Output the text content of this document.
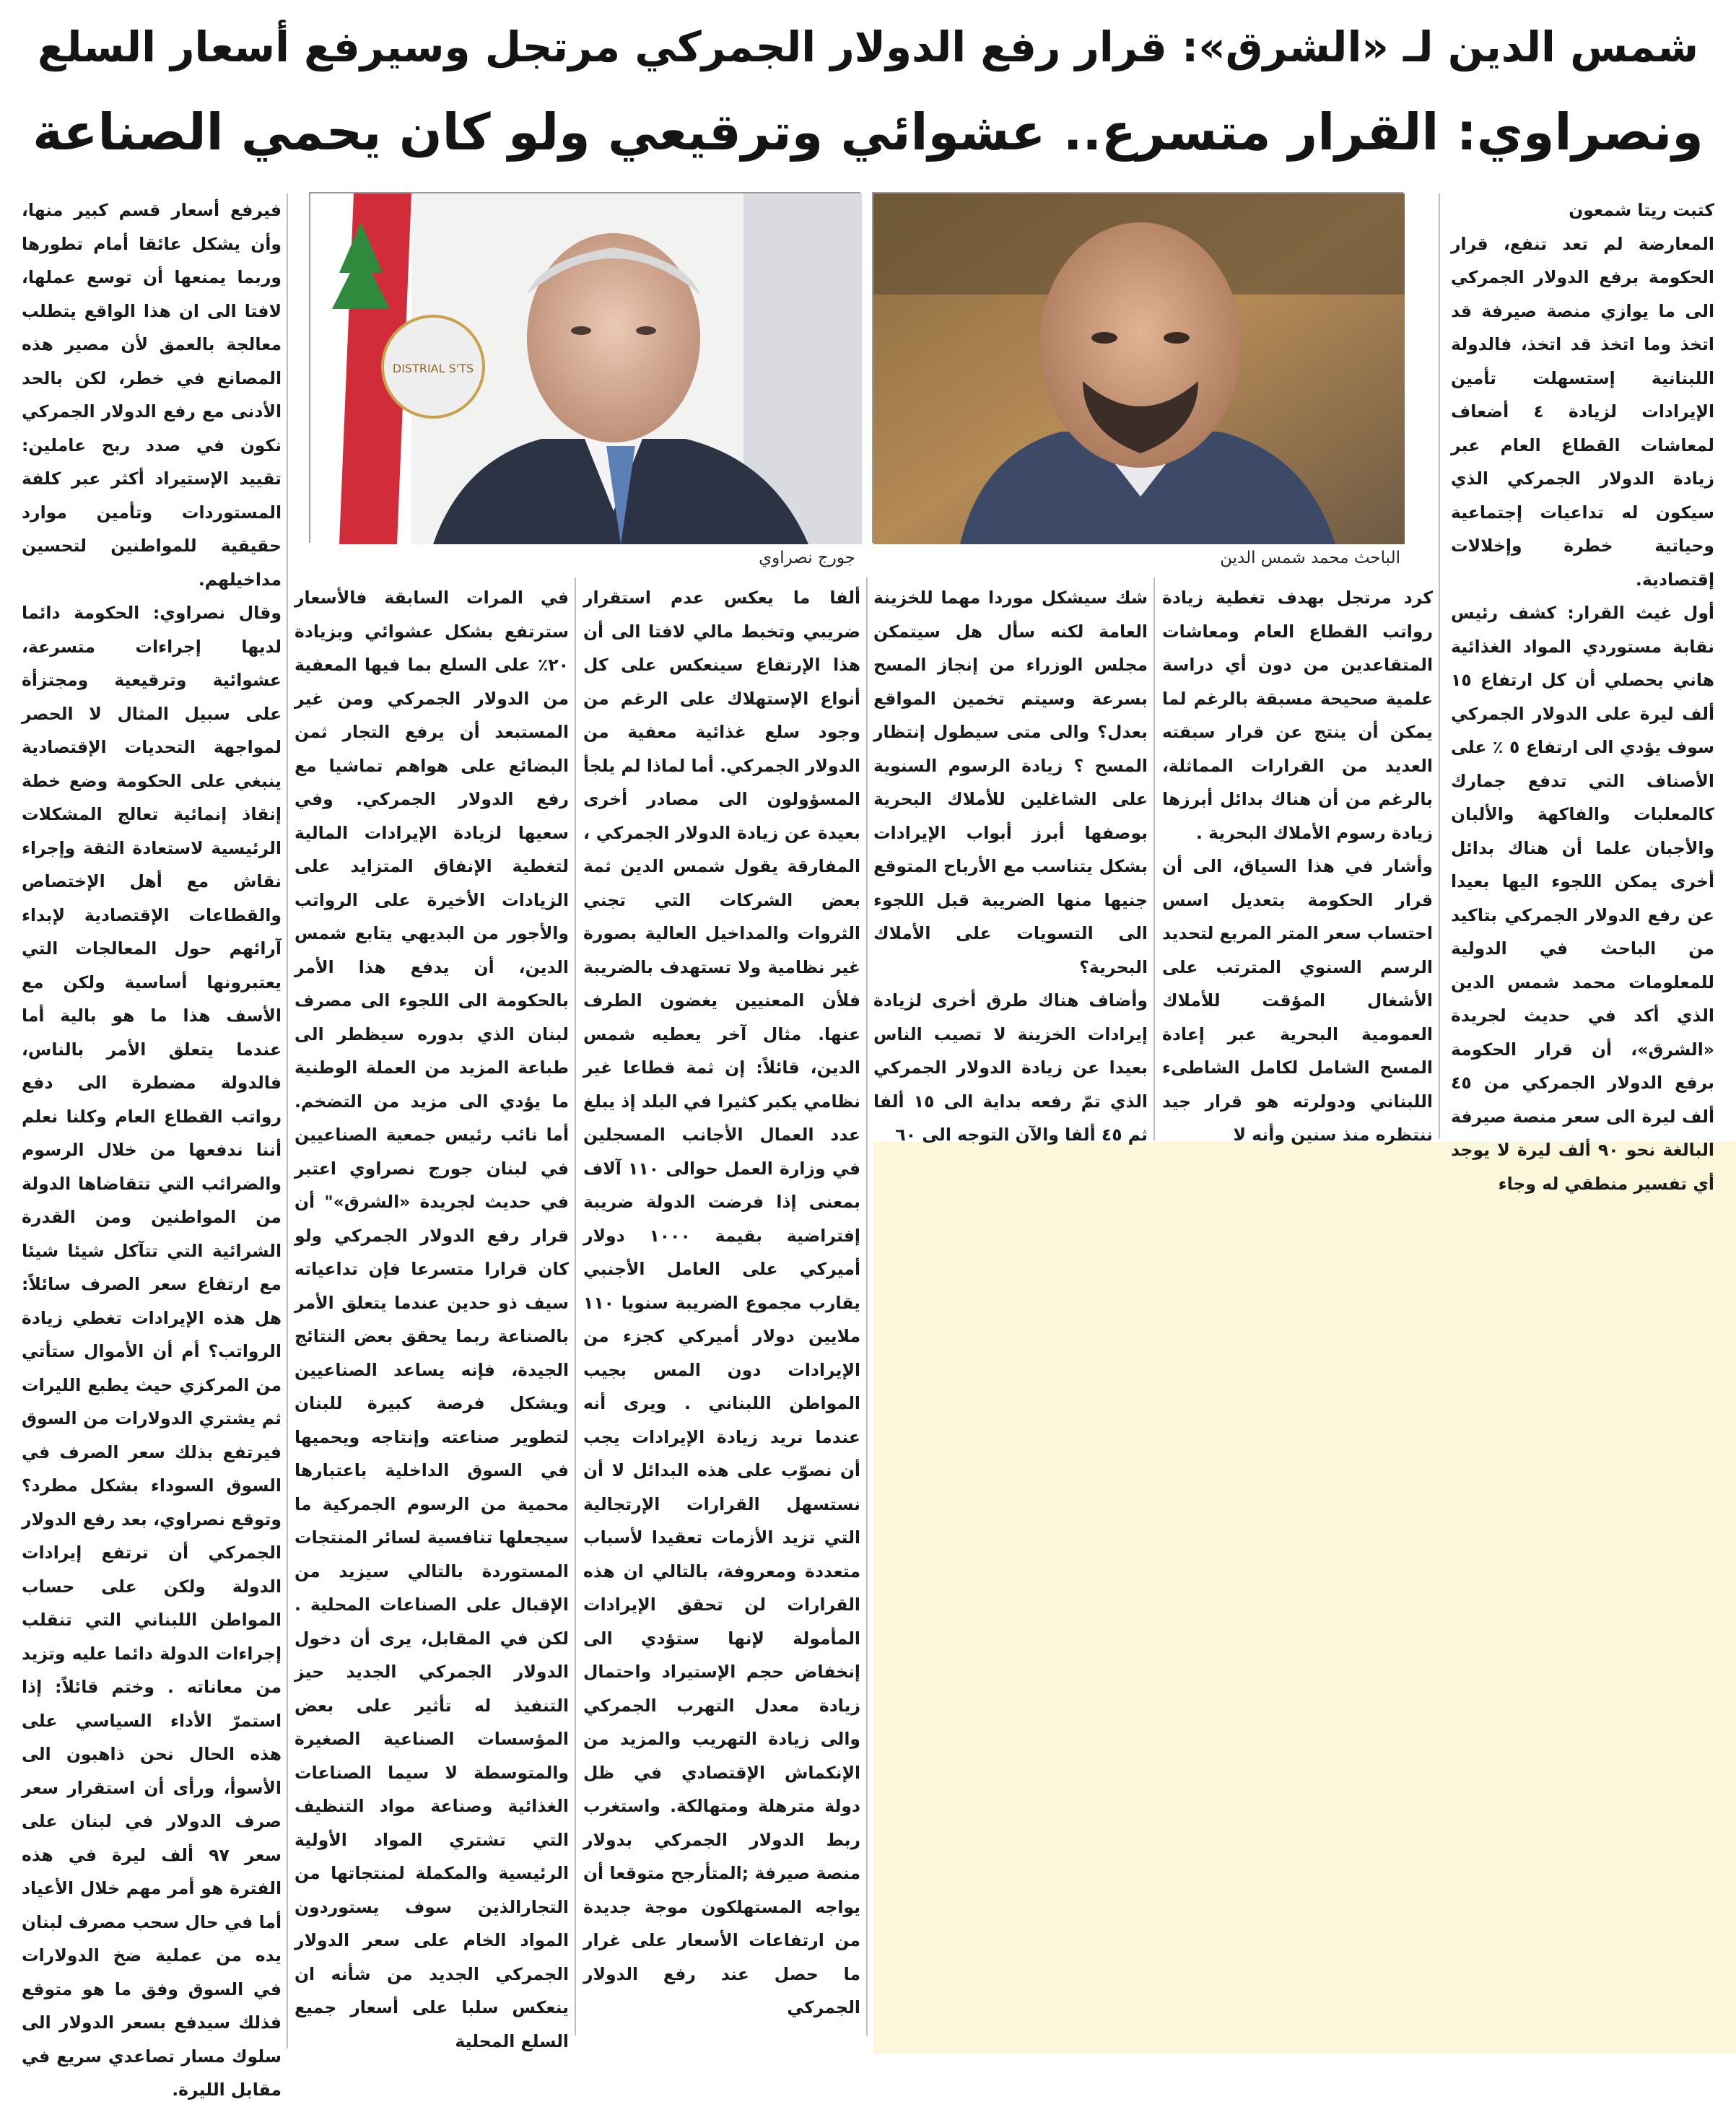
شمس الدين لـ «الشرق»: قرار رفع الدولار الجمركي مرتجل وسيرفع أسعار السلع
ونصراوي: القرار متسرع.. عشوائي وترقيعي ولو كان يحمي الصناعة
الباحث محمد شمس الدين
DISTRIAL S'TS
جورج نصراوي

كتبت ريتا شمعون

المعارضة لم تعد تنفع، قرار الحكومة برفع الدولار الجمركي الى ما يوازي منصة صيرفة قد اتخذ وما اتخذ قد اتخذ، فالدولة اللبنانية إستسهلت تأمين الإيرادات لزيادة ٤ أضعاف لمعاشات القطاع العام عبر زيادة الدولار الجمركي الذي سيكون له تداعيات إجتماعية وحياتية خطرة وإخلالات إقتصادية.

أول غيث القرار: كشف رئيس نقابة مستوردي المواد الغذائية هاني بحصلي أن كل ارتفاع ١٥ ألف ليرة على الدولار الجمركي سوف يؤدي الى ارتفاع ٥ ٪ على الأصناف التي تدفع جمارك كالمعلبات والفاكهة والألبان والأجبان علما أن هناك بدائل أخرى يمكن اللجوء اليها بعيدا عن رفع الدولار الجمركي بتاكيد من الباحث في الدولية للمعلومات محمد شمس الدين الذي أكد في حديث لجريدة «الشرق»، أن قرار الحكومة برفع الدولار الجمركي من ٤٥ ألف ليرة الى سعر منصة صيرفة البالغة نحو ٩٠ ألف ليرة لا يوجد أي تفسير منطقي له وجاء

كرد مرتجل بهدف تغطية زيادة رواتب القطاع العام ومعاشات المتقاعدين من دون أي دراسة علمية صحيحة مسبقة بالرغم لما يمكن أن ينتج عن قرار سبقته العديد من القرارات المماثلة، بالرغم من أن هناك بدائل أبرزها زيادة رسوم الأملاك البحرية .

وأشار في هذا السياق، الى أن قرار الحكومة بتعديل اسس احتساب سعر المتر المربع لتحديد الرسم السنوي المترتب على الأشغال المؤقت للأملاك العمومية البحرية عبر إعادة المسح الشامل لكامل الشاطىء اللبناني ودولرته هو قرار جيد ننتظره منذ سنين وأنه لا

شك سيشكل موردا مهما للخزينة العامة لكنه سأل هل سيتمكن مجلس الوزراء من إنجاز المسح بسرعة وسيتم تخمين المواقع بعدل؟ والى متى سيطول إنتظار المسح ؟ زيادة الرسوم السنوية على الشاغلين للأملاك البحرية بوصفها أبرز أبواب الإيرادات بشكل يتناسب مع الأرباح المتوقع جنيها منها الضريبة قبل اللجوء الى التسويات على الأملاك البحرية؟

وأضاف هناك طرق أخرى لزيادة إيرادات الخزينة لا تصيب الناس بعيدا عن زيادة الدولار الجمركي الذي تمّ رفعه بداية الى ١٥ ألفا ثم ٤٥ ألفا والآن التوجه الى ٦٠

ألفا ما يعكس عدم استقرار ضريبي وتخبط مالي لافتا الى أن هذا الإرتفاع سينعكس على كل أنواع الإستهلاك على الرغم من وجود سلع غذائية معفية من الدولار الجمركي. أما لماذا لم يلجأ المسؤولون الى مصادر أخرى بعيدة عن زيادة الدولار الجمركي ، المفارقة يقول شمس الدين ثمة بعض الشركات التي تجني الثروات والمداخيل العالية بصورة غير نظامية ولا تستهدف بالضريبة فلأن المعنيين يغضون الطرف عنها. مثال آخر يعطيه شمس الدين، قائلاً: إن ثمة قطاعا غير نظامي يكبر كثيرا في البلد إذ يبلغ عدد العمال الأجانب المسجلين في وزارة العمل حوالى ١١٠ آلاف بمعنى إذا فرضت الدولة ضريبة إفتراضية بقيمة ١٠٠٠ دولار أميركي على العامل الأجنبي يقارب مجموع الضريبة سنويا ١١٠ ملايين دولار أميركي كجزء من الإيرادات دون المس بجيب المواطن اللبناني . ويرى أنه عندما نريد زيادة الإيرادات يجب أن نصوّب على هذه البدائل لا أن نستسهل القرارات الإرتجالية التي تزيد الأزمات تعقيدا لأسباب متعددة ومعروفة، بالتالي ان هذه القرارات لن تحقق الإيرادات المأمولة لإنها ستؤدي الى إنخفاض حجم الإستيراد واحتمال زيادة معدل التهرب الجمركي والى زيادة التهريب والمزيد من الإنكماش الإقتصادي في ظل دولة مترهلة ومتهالكة. واستغرب ربط الدولار الجمركي بدولار منصة صيرفة ;المتأرجح متوقعا أن يواجه المستهلكون موجة جديدة من ارتفاعات الأسعار على غرار ما حصل عند رفع الدولار الجمركي

في المرات السابقة فالأسعار سترتفع بشكل عشوائي وبزيادة ٢٠٪ على السلع بما فيها المعفية من الدولار الجمركي ومن غير المستبعد أن يرفع التجار ثمن البضائع على هواهم تماشيا مع رفع الدولار الجمركي. وفي سعيها لزيادة الإيرادات المالية لتغطية الإنفاق المتزايد على الزيادات الأخيرة على الرواتب والأجور من البديهي يتابع شمس الدين، أن يدفع هذا الأمر بالحكومة الى اللجوء الى مصرف لبنان الذي بدوره سيظطر الى طباعة المزيد من العملة الوطنية ما يؤدي الى مزيد من التضخم. أما نائب رئيس جمعية الصناعيين في لبنان جورج نصراوي اعتبر في حديث لجريدة «الشرق»" أن قرار رفع الدولار الجمركي ولو كان قرارا متسرعا فإن تداعياته سيف ذو حدين عندما يتعلق الأمر بالصناعة ربما يحقق بعض النتائج الجيدة، فإنه يساعد الصناعيين ويشكل فرصة كبيرة للبنان لتطوير صناعته وإنتاجه ويحميها في السوق الداخلية باعتبارها محمية من الرسوم الجمركية ما سيجعلها تنافسية لسائر المنتجات المستوردة بالتالي سيزيد من الإقبال على الصناعات المحلية . لكن في المقابل، يرى أن دخول الدولار الجمركي الجديد حيز التنفيذ له تأثير على بعض المؤسسات الصناعية الصغيرة والمتوسطة لا سيما الصناعات الغذائية وصناعة مواد التنظيف التي تشتري المواد الأولية الرئيسية والمكملة لمنتجاتها من التجارالذين سوف يستوردون المواد الخام على سعر الدولار الجمركي الجديد من شأنه ان ينعكس سلبا على أسعار جميع السلع المحلية

فيرفع أسعار قسم كبير منها، وأن يشكل عائقا أمام تطورها وربما يمنعها أن توسع عملها، لافتا الى ان هذا الواقع يتطلب معالجة بالعمق لأن مصير هذه المصانع في خطر، لكن بالحد الأدنى مع رفع الدولار الجمركي نكون في صدد ربح عاملين: تقييد الإستيراد أكثر عبر كلفة المستوردات وتأمين موارد حقيقية للمواطنين لتحسين مداخيلهم.

وقال نصراوي: الحكومة دائما لديها إجراءات متسرعة، عشوائية وترقيعية ومجتزأة على سبيل المثال لا الحصر لمواجهة التحديات الإقتصادية ينبغي على الحكومة وضع خطة إنقاذ إنمائية تعالج المشكلات الرئيسية لاستعادة الثقة وإجراء نقاش مع أهل الإختصاص والقطاعات الإقتصادية لإبداء آرائهم حول المعالجات التي يعتبرونها أساسية ولكن مع الأسف هذا ما هو بالية أما عندما يتعلق الأمر بالناس، فالدولة مضطرة الى دفع رواتب القطاع العام وكلنا نعلم أننا ندفعها من خلال الرسوم والضرائب التي تتقاضاها الدولة من المواطنين ومن القدرة الشرائية التي تتآكل شيئا شيئا مع ارتفاع سعر الصرف سائلاً: هل هذه الإيرادات تغطي زيادة الرواتب؟ أم أن الأموال ستأتي من المركزي حيث يطبع الليرات ثم يشتري الدولارات من السوق فيرتفع بذلك سعر الصرف في السوق السوداء بشكل مطرد؟ وتوقع نصراوي، بعد رفع الدولار الجمركي أن ترتفع إيرادات الدولة ولكن على حساب المواطن اللبناني التي تنقلب إجراءات الدولة دائما عليه وتزيد من معاناته . وختم قائلاً: إذا استمرّ الأداء السياسي على هذه الحال نحن ذاهبون الى الأسوأ، ورأى أن استقرار سعر صرف الدولار في لبنان على سعر ٩٧ ألف ليرة في هذه الفترة هو أمر مهم خلال الأعياد أما في حال سحب مصرف لبنان يده من عملية ضخ الدولارات في السوق وفق ما هو متوقع فذلك سيدفع بسعر الدولار الى سلوك مسار تصاعدي سريع في مقابل الليرة.
